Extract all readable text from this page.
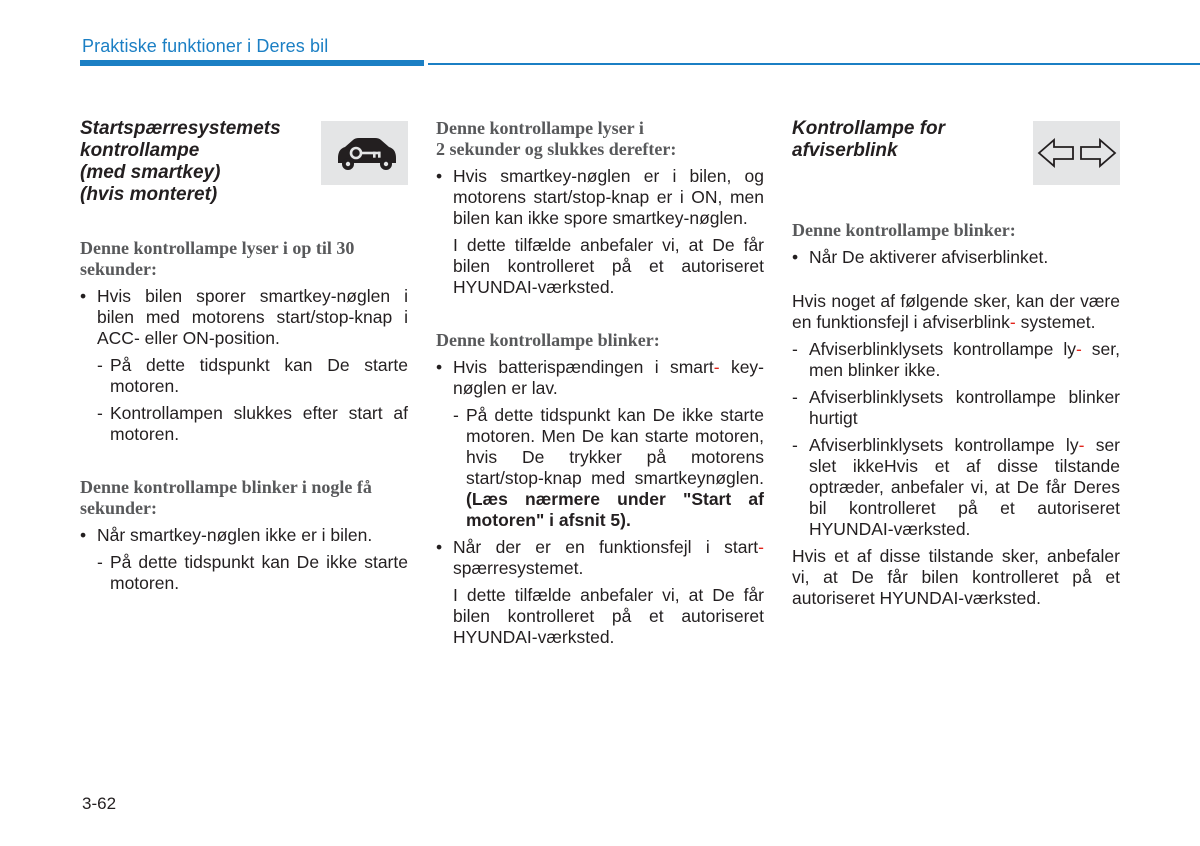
Praktiske funktioner i Deres bil
Startspærresystemets
kontrollampe
(med smartkey)
(hvis monteret)
Denne kontrollampe lyser i op til 30 sekunder:
• Hvis bilen sporer smartkey-nøglen i bilen med motorens start/stop-knap i ACC- eller ON-position.
- På dette tidspunkt kan De starte motoren.
- Kontrollampen slukkes efter start af motoren.
Denne kontrollampe blinker i nogle få sekunder:
• Når smartkey-nøglen ikke er i bilen.
- På dette tidspunkt kan De ikke starte motoren.
Denne kontrollampe lyser i
2 sekunder og slukkes derefter:
• Hvis smartkey-nøglen er i bilen, og motorens start/stop-knap er i ON, men bilen kan ikke spore smartkey-nøglen.

I dette tilfælde anbefaler vi, at De får bilen kontrolleret på et autoriseret HYUNDAI-værksted.

Denne kontrollampe blinker:
• Hvis batterispændingen i smart- key-nøglen er lav.
- På dette tidspunkt kan De ikke starte motoren. Men De kan starte motoren, hvis De trykker på motorens start/stop-knap med smartkeynøglen. (Læs nærmere under "Start af motoren" i afsnit 5).
• Når der er en funktionsfejl i start- spærresystemet.

I dette tilfælde anbefaler vi, at De får bilen kontrolleret på et autoriseret HYUNDAI-værksted.

Kontrollampe for
afviserblink
Denne kontrollampe blinker:
• Når De aktiverer afviserblinket.

Hvis noget af følgende sker, kan der være en funktionsfejl i afviserblink- systemet.

- Afviserblinklysets kontrollampe ly- ser, men blinker ikke.
- Afviserblinklysets kontrollampe blinker hurtigt
- Afviserblinklysets kontrollampe ly- ser slet ikkeHvis et af disse tilstande optræder, anbefaler vi, at De får Deres bil kontrolleret på et autoriseret HYUNDAI-værksted.

Hvis et af disse tilstande sker, anbefaler vi, at De får bilen kontrolleret på et autoriseret HYUNDAI-værksted.

3-62
